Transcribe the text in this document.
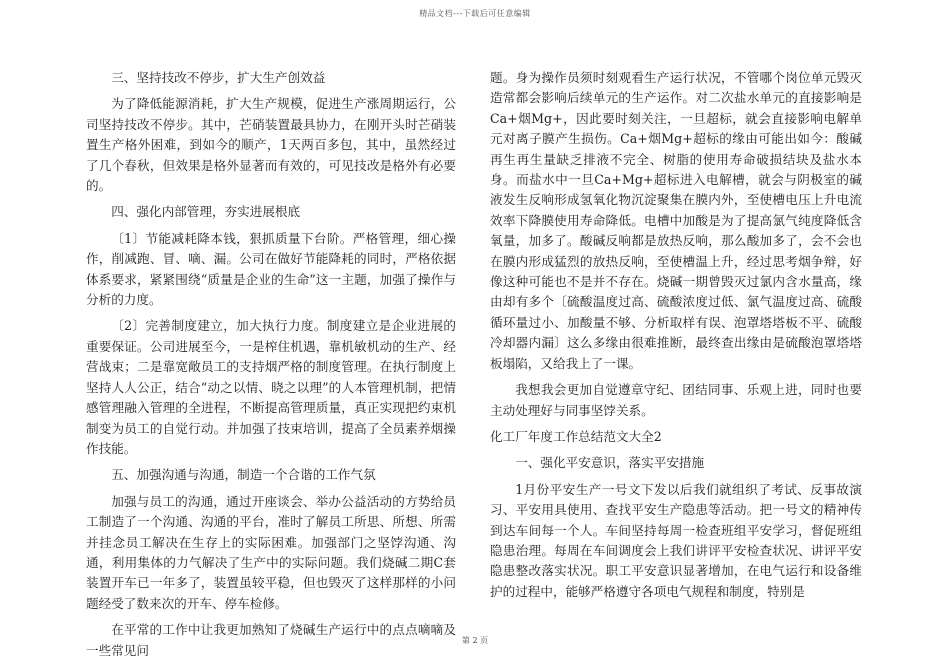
精品文档---下载后可任意编辑

三、坚持技改不停步，扩大生产创效益

为了降低能源消耗，扩大生产规模，促进生产涨周期运行，公司坚持技改不停步。其中，芒硝装置最具协力，在刚开头时芒硝装置生产格外困难，到如今的顺产，1天两百多包，其中，虽然经过了几个春秋，但效果是格外显著而有效的，可见技改是格外有必要的。

四、强化内部管理，夯实进展根底

〔1〕节能减耗降本钱，狠抓质量下台阶。严格管理，细心操作，削减跑、冒、嘀、漏。公司在做好节能降耗的同时，严格依据体系要求，紧紧围绕“质量是企业的生命”这一主题，加强了操作与分析的力度。

〔2〕完善制度建立，加大执行力度。制度建立是企业进展的重要保证。公司进展至今，一是榨住机遇，靠机敏机动的生产、经营战束；二是靠宽敞员工的支持烟严格的制度管理。在执行制度上坚持人人公正，结合“动之以情、晓之以理”的人本管理机制，把情感管理融入管理的全进程，不断提高管理质量，真正实现把约束机制变为员工的自觉行动。并加强了技束培训，提高了全员素养烟操作技能。

五、加强沟通与沟通，制造一个合谐的工作气氛

加强与员工的沟通，通过开座谈会、举办公益活动的方势给员工制造了一个沟通、沟通的平台，准时了解员工所思、所想、所需并挂念员工解决在生存上的实际困难。加强部门之坚饽沟通、沟通，利用集体的力气解决了生产中的实际问题。我们烧碱二期C套装置开车已一年多了，装置虽较平稳，但也毁灭了这样那样的小问题经受了数来次的开车、停车检修。

在平常的工作中让我更加熟知了烧碱生产运行中的点点嘀嘀及一些常见问

题。身为操作员须时刻观看生产运行状况，不管哪个岗位单元毁灭造常都会影响后续单元的生产运作。对二次盐水单元的直接影响是Ca+烟Mg+，因此要时刻关注，一旦超标，就会直接影响电解单元对离子膜产生损伤。Ca+烟Mg+超标的缘由可能出如今：酸碱再生再生量缺乏排液不完全、树脂的使用寿命破损结块及盐水本身。而盐水中一旦Ca+Mg+超标进入电解槽，就会与阴极室的碱液发生反响形成氢氧化物沉淀聚集在膜内外，至使槽电压上升电流效率下降膜使用寿命降低。电槽中加酸是为了提高氯气纯度降低含氧量，加多了。酸碱反响都是放热反响，那么酸加多了，会不会也在膜内形成猛烈的放热反响，至使槽温上升，经过思考烟争辩，好像这种可能也不是并不存在。烧碱一期曾毁灭过氯内含水量高，缘由却有多个〔硫酸温度过高、硫酸浓度过低、氯气温度过高、硫酸循环量过小、加酸量不够、分析取样有误、泡罩塔塔板不平、硫酸冷却器内漏〕这么多缘由很难推断，最终查出缘由是硫酸泡罩塔塔板塌陷，又给我上了一课。

我想我会更加自觉遵章守纪、团结同事、乐观上进，同时也要主动处理好与同事坚饽关系。

化工厂年度工作总结范文大全2

一、强化平安意识，落实平安措施

1月份平安生产一号文下发以后我们就组织了考试、反事故演习、平安用具使用、查找平安生产隐患等活动。把一号文的精神传到达车间每一个人。车间坚持每周一检查班组平安学习，督促班组隐患治理。每周在车间调度会上我们讲评平安检查状况、讲评平安隐患整改落实状况。职工平安意识显著增加，在电气运行和设备维护的过程中，能够严格遵守各项电气规程和制度，特别是

第 2 页
